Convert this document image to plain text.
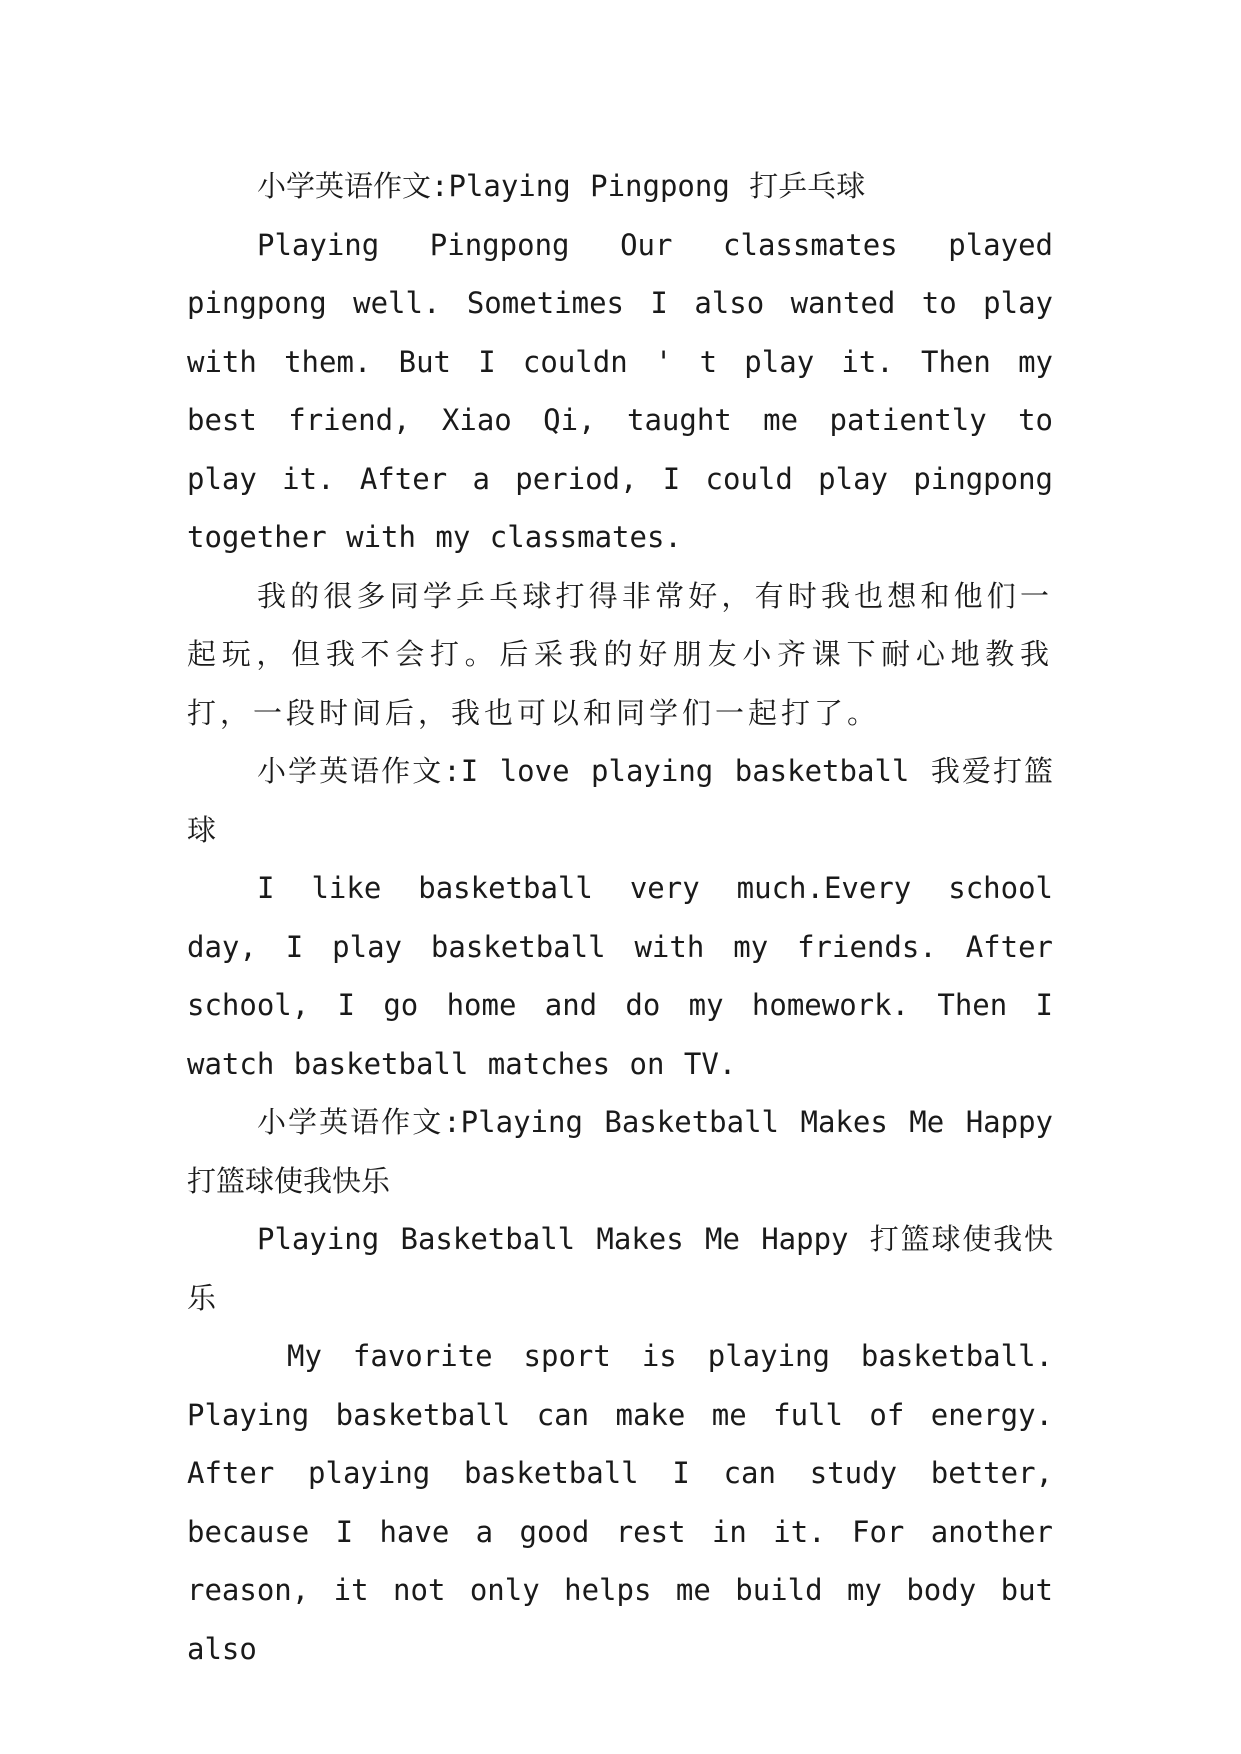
小学英语作文:Playing Pingpong 打乒乓球

Playing Pingpong Our classmates played pingpong well. Sometimes I also wanted to play with them. But I couldn ' t play it. Then my best friend, Xiao Qi, taught me patiently to play it. After a period, I could play pingpong together with my classmates.

我的很多同学乒乓球打得非常好，有时我也想和他们一起玩，但我不会打。后采我的好朋友小齐课下耐心地教我打，一段时间后，我也可以和同学们一起打了。

小学英语作文:I love playing basketball 我爱打篮球

I like basketball very much.Every school day, I play basketball with my friends. After school, I go home and do my homework. Then I watch basketball matches on TV.

小学英语作文:Playing Basketball Makes Me Happy 打篮球使我快乐

Playing Basketball Makes Me Happy 打篮球使我快乐

My favorite sport is playing basketball. Playing basketball can make me full of energy. After playing basketball I can study better, because I have a good rest in it. For another reason, it not only helps me build my body but also
